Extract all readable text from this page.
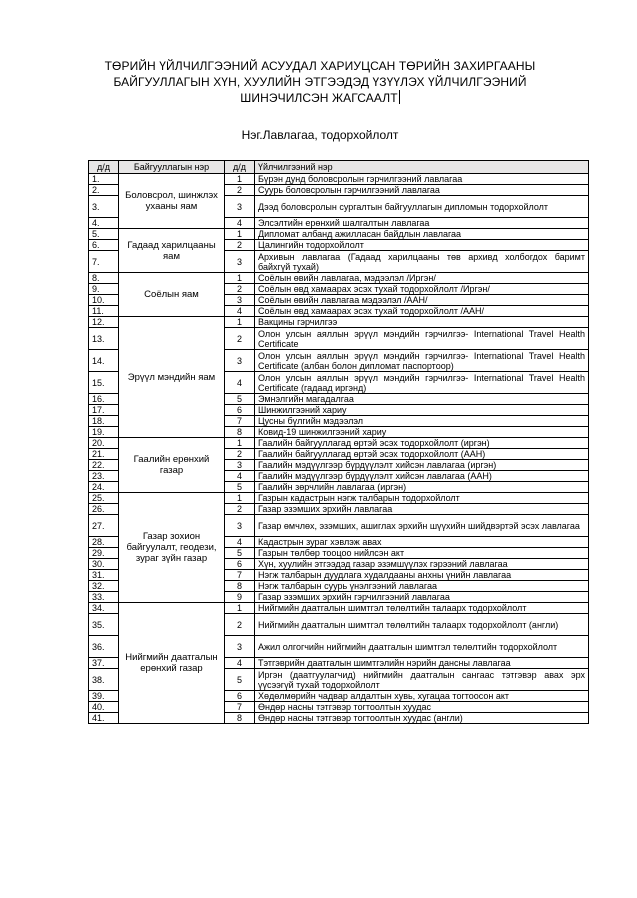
ТӨРИЙН ҮЙЛЧИЛГЭЭНИЙ АСУУДАЛ ХАРИУЦСАН ТӨРИЙН ЗАХИРГААНЫ
БАЙГУУЛЛАГЫН ХҮН, ХУУЛИЙН ЭТГЭЭДЭД ҮЗҮҮЛЭХ ҮЙЛЧИЛГЭЭНИЙ
ШИНЭЧИЛСЭН ЖАГСААЛТ
Нэг.Лавлагаа, тодорхойлолт
д/д	Байгууллагын нэр	д/д	Үйлчилгээний нэр
1.	Боловсрол, шинжлэх ухааны яам	1	Бүрэн дунд боловсролын гэрчилгээний лавлагаа
2.		2	Суурь боловсролын гэрчилгээний лавлагаа
3.		3	Дээд боловсролын сургалтын байгууллагын дипломын тодорхойлолт
4.		4	Элсэлтийн ерөнхий шалгалтын лавлагаа
5.	Гадаад харилцааны яам	1	Дипломат албанд ажилласан байдлын лавлагаа
6.		2	Цалингийн тодорхойлолт
7.		3	Архивын лавлагаа (Гадаад харилцааны төв архивд холбогдох баримт байхгүй тухай)
8.	Соёлын яам	1	Соёлын өвийн лавлагаа, мэдээлэл /Иргэн/
9.		2	Соёлын өвд хамаарах эсэх тухай тодорхойлолт /Иргэн/
10.		3	Соёлын өвийн лавлагаа мэдээлэл /ААН/
11.		4	Соёлын өвд хамаарах эсэх тухай тодорхойлолт /ААН/
12.	Эрүүл мэндийн яам	1	Вакцины гэрчилгээ
13.		2	Олон улсын аяллын эрүүл мэндийн гэрчилгээ- International Travel Health Certificate
14.		3	Олон улсын аяллын эрүүл мэндийн гэрчилгээ- International Travel Health Certificate (албан болон дипломат паспортоор)
15.		4	Олон улсын аяллын эрүүл мэндийн гэрчилгээ- International Travel Health Certificate (гадаад иргэнд)
16.		5	Эмнэлгийн магадалгаа
17.		6	Шинжилгээний хариу
18.		7	Цусны бүлгийн мэдээлэл
19.		8	Ковид-19 шинжилгээний хариу
20.	Гаалийн ерөнхий газар	1	Гаалийн байгууллагад өртэй эсэх тодорхойлолт (иргэн)
21.		2	Гаалийн байгууллагад өртэй эсэх тодорхойлолт (ААН)
22.		3	Гаалийн мэдүүлгээр бүрдүүлэлт хийсэн лавлагаа (иргэн)
23.		4	Гаалийн мэдүүлгээр бүрдүүлэлт хийсэн лавлагаа (ААН)
24.		5	Гаалийн зөрчлийн лавлагаа (иргэн)
25.	Газар зохион байгуулалт, геодези, зураг зүйн газар	1	Газрын кадастрын нэгж талбарын тодорхойлолт
26.		2	Газар эзэмших эрхийн лавлагаа
27.		3	Газар өмчлөх, эзэмших, ашиглах эрхийн шүүхийн шийдвэртэй эсэх лавлагаа
28.		4	Кадастрын зураг хэвлэж авах
29.		5	Газрын төлбөр тооцоо нийлсэн акт
30.		6	Хүн, хуулийн этгээдэд газар эзэмшүүлэх гэрээний лавлагаа
31.		7	Нэгж талбарын дуудлага худалдааны анхны үнийн лавлагаа
32.		8	Нэгж талбарын суурь үнэлгээний лавлагаа
33.		9	Газар эзэмших эрхийн гэрчилгээний лавлагаа
34.	Нийгмийн даатгалын ерөнхий газар	1	Нийгмийн даатгалын шимтгэл төлөлтийн талаарх тодорхойлолт
35.		2	Нийгмийн даатгалын шимтгэл төлөлтийн талаарх тодорхойлолт (англи)
36.		3	Ажил олгогчийн нийгмийн даатгалын шимтгэл төлөлтийн тодорхойлолт
37.		4	Тэтгэврийн даатгалын шимтгэлийн нэрийн дансны лавлагаа
38.		5	Иргэн (даатгуулагчид) нийгмийн даатгалын сангаас тэтгэвэр авах эрх үүсээгүй тухай тодорхойлолт
39.		6	Хөдөлмөрийн чадвар алдалтын хувь, хугацаа тогтоосон акт
40.		7	Өндөр насны тэтгэвэр тогтоолтын хуудас
41.		8	Өндөр насны тэтгэвэр тогтоолтын хуудас (англи)
